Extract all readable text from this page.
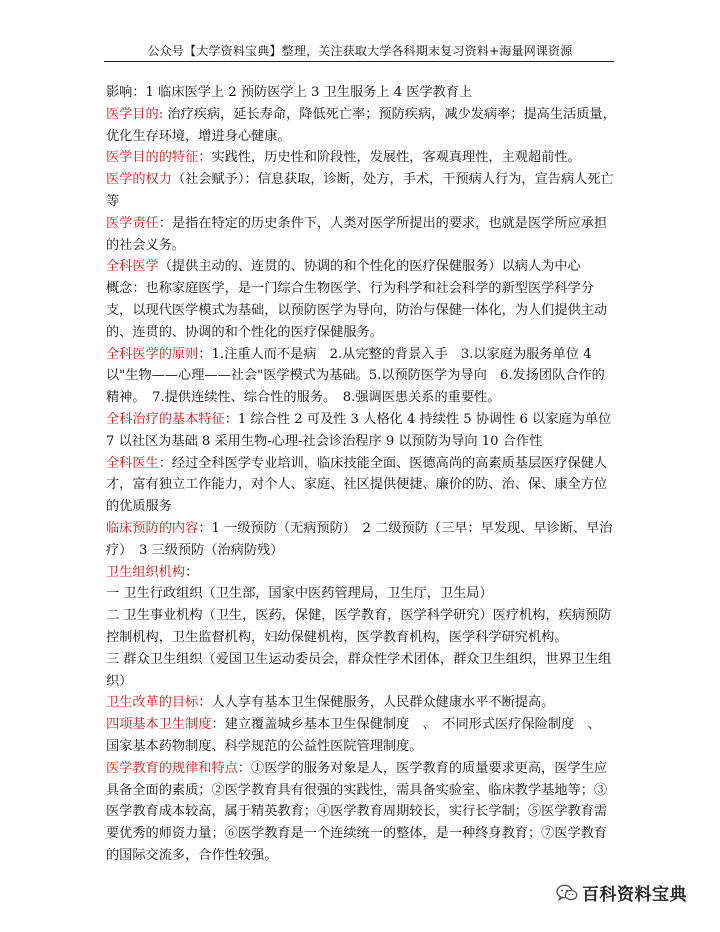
公众号【大学资料宝典】整理，关注获取大学各科期末复习资料+海量网课资源

影响：1 临床医学上 2 预防医学上 3 卫生服务上 4 医学教育上

医学目的: 治疗疾病，延长寿命，降低死亡率；预防疾病，减少发病率；提高生活质量，优化生存环境，增进身心健康。

医学目的的特征：实践性，历史性和阶段性，发展性，客观真理性，主观超前性。

医学的权力（社会赋予）：信息获取，诊断，处方，手术，干预病人行为，宣告病人死亡等

医学责任：是指在特定的历史条件下，人类对医学所提出的要求，也就是医学所应承担的社会义务。

全科医学（提供主动的、连贯的、协调的和个性化的医疗保健服务）以病人为中心

概念：也称家庭医学，是一门综合生物医学、行为科学和社会科学的新型医学科学分支，以现代医学模式为基础，以预防医学为导向，防治与保健一体化，为人们提供主动的、连贯的、协调的和个性化的医疗保健服务。

全科医学的原则：1.注重人而不是病　2.从完整的背景入手　3.以家庭为服务单位 4 以"生物——心理——社会"医学模式为基础。5.以预防医学为导向　6.发扬团队合作的精神。　7.提供连续性、综合性的服务。　8.强调医患关系的重要性。

全科治疗的基本特征：1 综合性 2 可及性 3 人格化 4 持续性 5 协调性 6 以家庭为单位 7 以社区为基础 8 采用生物-心理-社会诊治程序 9 以预防为导向 10 合作性

全科医生：经过全科医学专业培训，临床技能全面、医德高尚的高素质基层医疗保健人才，富有独立工作能力，对个人、家庭、社区提供便捷、廉价的防、治、保、康全方位的优质服务

临床预防的内容：1 一级预防（无病预防）　2 二级预防（三早：早发现、早诊断、早治疗）　3 三级预防（治病防残）

卫生组织机构：

一 卫生行政组织（卫生部，国家中医药管理局，卫生厅，卫生局）

二 卫生事业机构（卫生，医药，保健，医学教育，医学科学研究）医疗机构，疾病预防控制机构，卫生监督机构，妇幼保健机构，医学教育机构，医学科学研究机构。

三 群众卫生组织（爱国卫生运动委员会，群众性学术团体，群众卫生组织，世界卫生组织）

卫生改革的目标：人人享有基本卫生保健服务，人民群众健康水平不断提高。

四项基本卫生制度：建立覆盖城乡基本卫生保健制度　、　不同形式医疗保险制度　、　国家基本药物制度、科学规范的公益性医院管理制度。

医学教育的规律和特点：①医学的服务对象是人，医学教育的质量要求更高，医学生应具备全面的素质；②医学教育具有很强的实践性，需具备实验室、临床教学基地等；③医学教育成本较高，属于精英教育；④医学教育周期较长，实行长学制；⑤医学教育需要优秀的师资力量；⑥医学教育是一个连续统一的整体，是一种终身教育；⑦医学教育的国际交流多，合作性较强。

百科资料宝典
